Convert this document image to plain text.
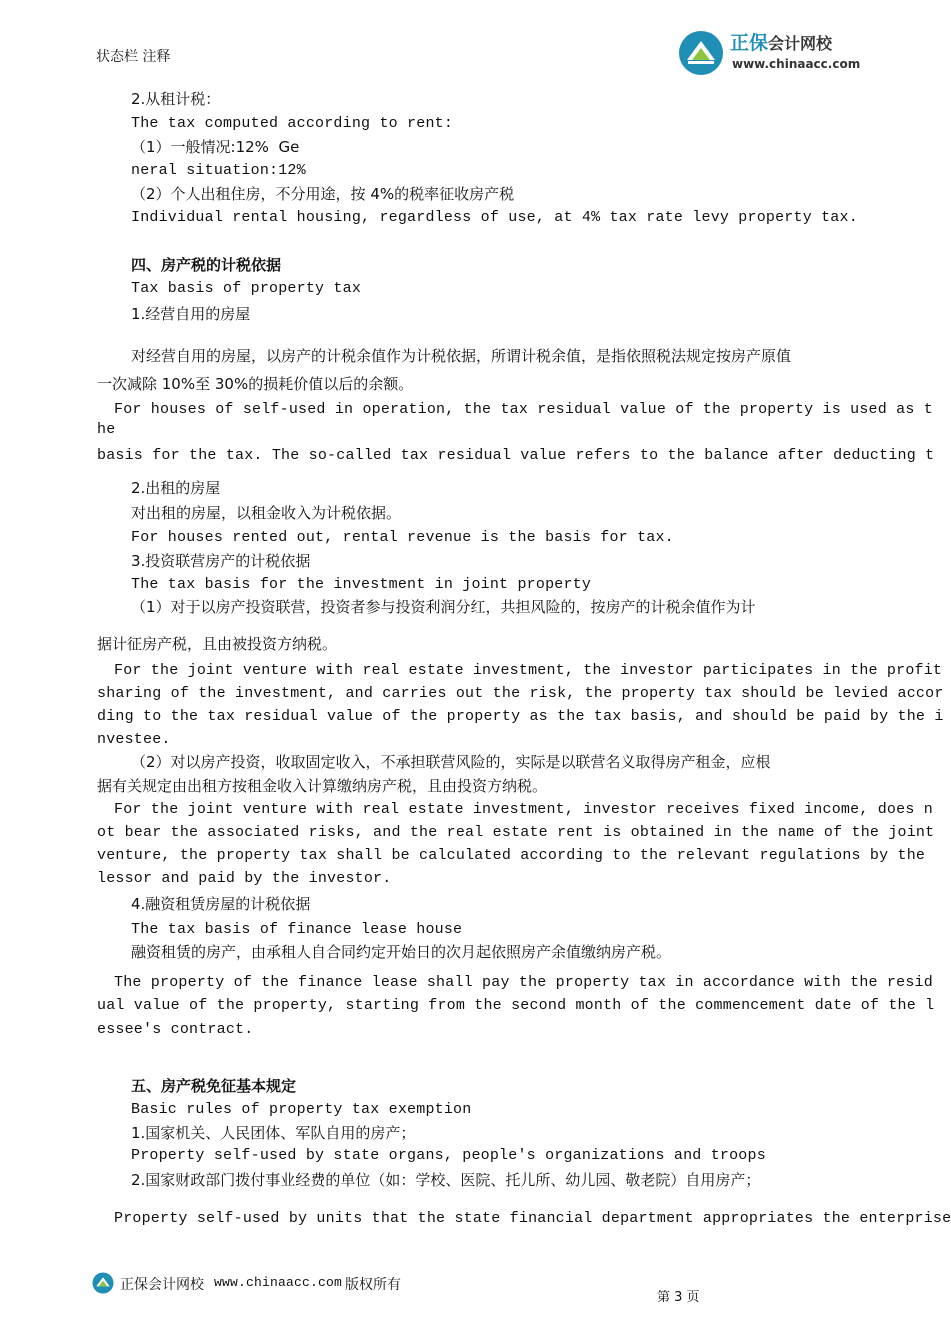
状态栏 注释
正保会计网校
www.chinaacc.com
2.从租计税：
The tax computed according to rent:
（1）一般情况:12%  Ge
neral situation:12%
（2）个人出租住房，不分用途，按 4%的税率征收房产税
Individual rental housing, regardless of use, at 4% tax rate levy property tax.
四、房产税的计税依据
Tax basis of property tax
1.经营自用的房屋
对经营自用的房屋，以房产的计税余值作为计税依据，所谓计税余值，是指依照税法规定按房产原值
一次减除 10%至 30%的损耗价值以后的余额。
For houses of self-used in operation, the tax residual value of the property is used as t
he
basis for the tax. The so-called tax residual value refers to the balance after deducting t
2.出租的房屋
对出租的房屋，以租金收入为计税依据。
For houses rented out, rental revenue is the basis for tax.
3.投资联营房产的计税依据
The tax basis for the investment in joint property
（1）对于以房产投资联营，投资者参与投资利润分红，共担风险的，按房产的计税余值作为计
据计征房产税，且由被投资方纳税。
For the joint venture with real estate investment, the investor participates in the profit
sharing of the investment, and carries out the risk, the property tax should be levied accor
ding to the tax residual value of the property as the tax basis, and should be paid by the i
nvestee.
（2）对以房产投资，收取固定收入，不承担联营风险的，实际是以联营名义取得房产租金，应根
据有关规定由出租方按租金收入计算缴纳房产税，且由投资方纳税。
For the joint venture with real estate investment, investor receives fixed income, does n
ot bear the associated risks, and the real estate rent is obtained in the name of the joint
venture, the property tax shall be calculated according to the relevant regulations by the
lessor and paid by the investor.
4.融资租赁房屋的计税依据
The tax basis of finance lease house
融资租赁的房产，由承租人自合同约定开始日的次月起依照房产余值缴纳房产税。
The property of the finance lease shall pay the property tax in accordance with the resid
ual value of the property, starting from the second month of the commencement date of the l
essee's contract.
五、房产税免征基本规定
Basic rules of property tax exemption
1.国家机关、人民团体、军队自用的房产；
Property self-used by state organs, people's organizations and troops
2.国家财政部门拨付事业经费的单位（如：学校、医院、托儿所、幼儿园、敬老院）自用房产；
Property self-used by units that the state financial department appropriates the enterprise
正保会计网校 www.chinaacc.com 版权所有
第 3 页
